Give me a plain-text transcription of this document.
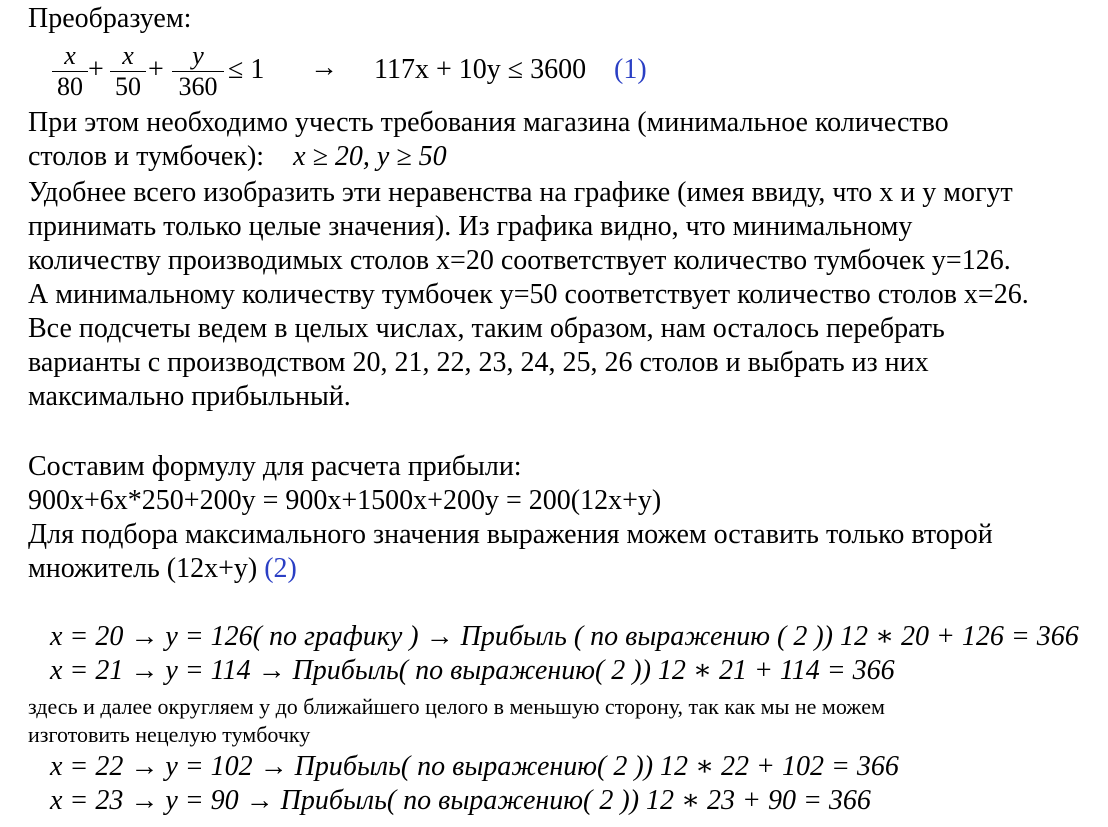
Преобразуем:
x
80
+ x
50
+	y
360
≤ 1 → 117x + 10y ≤ 3600 (1)
При этом необходимо учесть требования магазина (минимальное количество
столов и тумбочек): x ≥ 20, y ≥ 50
Удобнее всего изобразить эти неравенства на графике (имея ввиду, что x и y могут
принимать только целые значения). Из графика видно, что минимальному
количеству производимых столов x=20 соответствует количество тумбочек y=126.
А минимальному количеству тумбочек y=50 соответствует количество столов x=26.
Все подсчеты ведем в целых числах, таким образом, нам осталось перебрать
варианты с производством 20, 21, 22, 23, 24, 25, 26 столов и выбрать из них
максимально прибыльный.
Составим формулу для расчета прибыли:
900x+6x*250+200y = 900x+1500x+200y = 200(12x+y)
Для подбора максимального значения выражения можем оставить только второй
множитель (12x+y) (2)
x = 20 → y = 126( по графику ) → Прибыль ( по выражению ( 2 )) 12 ∗ 20 + 126 = 366
x = 21 → y = 114 → Прибыль( по выражению( 2 )) 12 ∗ 21 + 114 = 366
здесь и далее округляем y до ближайшего целого в меньшую сторону, так как мы не можем
изготовить нецелую тумбочку
x = 22 → y = 102 → Прибыль( по выражению( 2 )) 12 ∗ 22 + 102 = 366
x = 23 → y = 90 → Прибыль( по выражению( 2 )) 12 ∗ 23 + 90 = 366
